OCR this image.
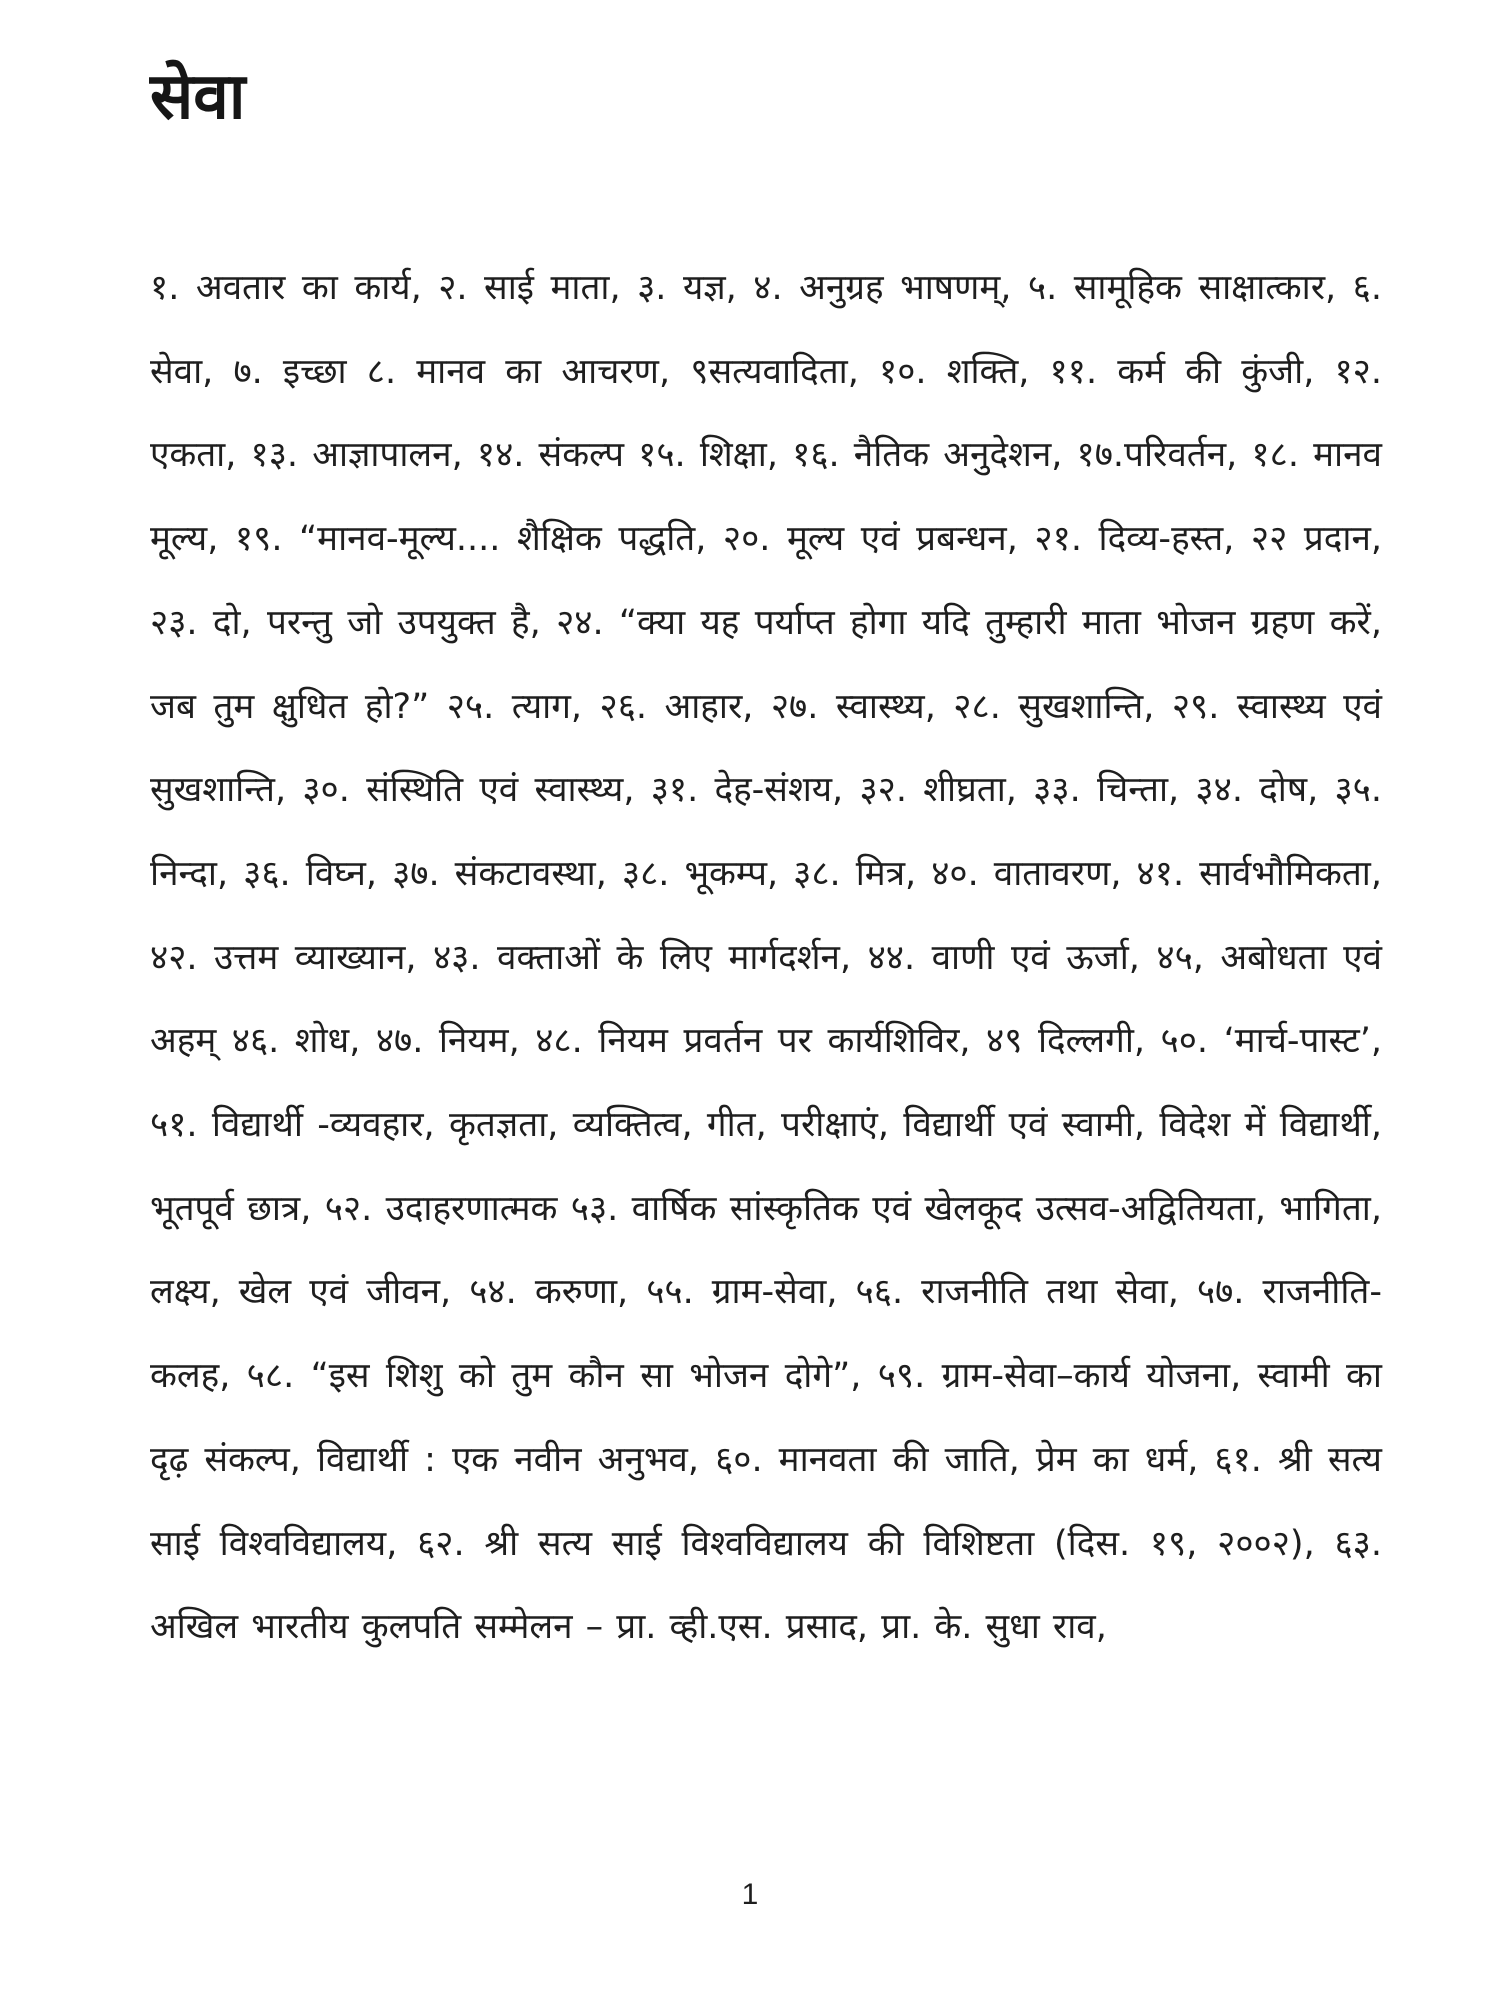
सेवा

१. अवतार का कार्य, २. साई माता, ३. यज्ञ, ४. अनुग्रह भाषणम्, ५. सामूहिक साक्षात्कार, ६. सेवा, ७. इच्छा ८. मानव का आचरण, ९सत्यवादिता, १०. शक्ति, ११. कर्म की कुंजी, १२. एकता, १३. आज्ञापालन, १४. संकल्प १५. शिक्षा, १६. नैतिक अनुदेशन, १७.परिवर्तन, १८. मानव मूल्य, १९. “मानव-मूल्य.... शैक्षिक पद्धति, २०. मूल्य एवं प्रबन्धन, २१. दिव्य-हस्त, २२ प्रदान, २३. दो, परन्तु जो उपयुक्त है, २४. “क्या यह पर्याप्त होगा यदि तुम्हारी माता भोजन ग्रहण करें, जब तुम क्षुधित हो?” २५. त्याग, २६. आहार, २७. स्वास्थ्य, २८. सुखशान्ति, २९. स्वास्थ्य एवं सुखशान्ति, ३०. संस्थिति एवं स्वास्थ्य, ३१. देह-संशय, ३२. शीघ्रता, ३३. चिन्ता, ३४. दोष, ३५. निन्दा, ३६. विघ्न, ३७. संकटावस्था, ३८. भूकम्प, ३८. मित्र, ४०. वातावरण, ४१. सार्वभौमिकता, ४२. उत्तम व्याख्यान, ४३. वक्ताओं के लिए मार्गदर्शन, ४४. वाणी एवं ऊर्जा, ४५, अबोधता एवं अहम् ४६. शोध, ४७. नियम, ४८. नियम प्रवर्तन पर कार्यशिविर, ४९ दिल्लगी, ५०. ‘मार्च-पास्ट’, ५१. विद्यार्थी -व्यवहार, कृतज्ञता, व्यक्तित्व, गीत, परीक्षाएं, विद्यार्थी एवं स्वामी, विदेश में विद्यार्थी, भूतपूर्व छात्र, ५२. उदाहरणात्मक ५३. वार्षिक सांस्कृतिक एवं खेलकूद उत्सव-अद्वितियता, भागिता, लक्ष्य, खेल एवं जीवन, ५४. करुणा, ५५. ग्राम-सेवा, ५६. राजनीति तथा सेवा, ५७. राजनीति-कलह, ५८. “इस शिशु को तुम कौन सा भोजन दोगे”, ५९. ग्राम-सेवा–कार्य योजना, स्वामी का दृढ़ संकल्प, विद्यार्थी : एक नवीन अनुभव, ६०. मानवता की जाति, प्रेम का धर्म, ६१. श्री सत्य साई विश्वविद्यालय, ६२. श्री सत्य साई विश्वविद्यालय की विशिष्टता (दिस. १९, २००२), ६३. अखिल भारतीय कुलपति सम्मेलन – प्रा. व्ही.एस. प्रसाद, प्रा. के. सुधा राव,

1
